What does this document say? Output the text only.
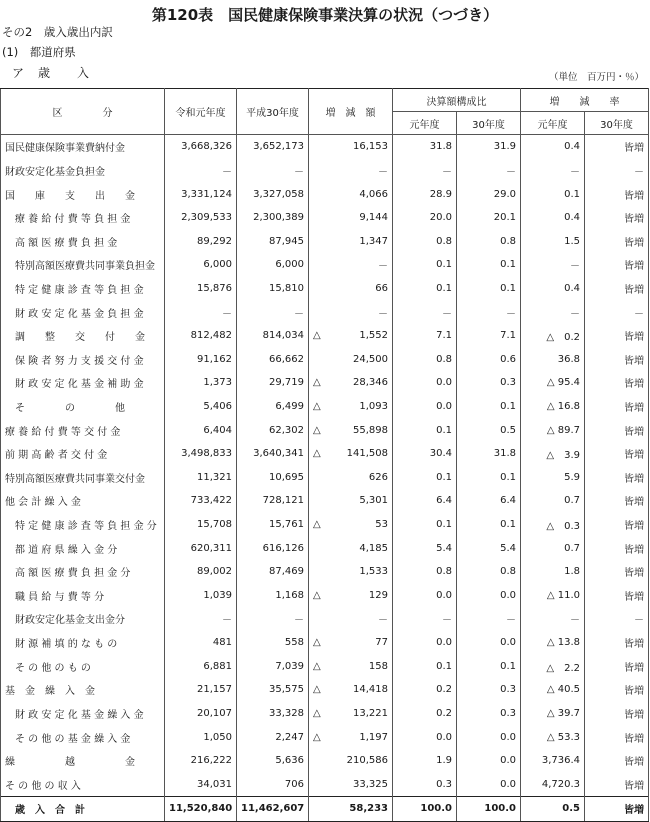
第120表　国民健康保険事業決算の状況（つづき）
その2　歳入歳出内訳
(1)　都道府県
ア　歳　　入	（単位　百万円・％）
区　　　　分	令和元年度	平成30年度	増　減　額	決算額構成比		増　　減　　率	
				元年度	30年度	元年度	30年度
国民健康保険事業費納付金	3,668,326	3,652,173	16,153	31.8	31.9	0.4	皆増
財政安定化基金負担金	－	－	－	－	－	－	－
国　　庫　　支　　出　　金	3,331,124	3,327,058	4,066	28.9	29.0	0.1	皆増
療 養 給 付 費 等 負 担 金	2,309,533	2,300,389	9,144	20.0	20.1	0.4	皆増
高 額 医 療 費 負 担 金	89,292	87,945	1,347	0.8	0.8	1.5	皆増
特別高額医療費共同事業負担金	6,000	6,000	－	0.1	0.1	－	皆増
特 定 健 康 診 査 等 負 担 金	15,876	15,810	66	0.1	0.1	0.4	皆増
財 政 安 定 化 基 金 負 担 金	－	－	－	－	－	－	－
調　　整　　交　　付　　金	812,482	814,034	△ 1,552	7.1	7.1	△　0.2	皆増
保 険 者 努 力 支 援 交 付 金	91,162	66,662	24,500	0.8	0.6	36.8	皆増
財 政 安 定 化 基 金 補 助 金	1,373	29,719	△ 28,346	0.0	0.3	△ 95.4	皆増
そ　　　　の　　　　他	5,406	6,499	△ 1,093	0.0	0.1	△ 16.8	皆増
療 養 給 付 費 等 交 付 金	6,404	62,302	△ 55,898	0.1	0.5	△ 89.7	皆増
前 期 高 齢 者 交 付 金	3,498,833	3,640,341	△ 141,508	30.4	31.8	△　3.9	皆増
特別高額医療費共同事業交付金	11,321	10,695	626	0.1	0.1	5.9	皆増
他 会 計 繰 入 金	733,422	728,121	5,301	6.4	6.4	0.7	皆増
特 定 健 康 診 査 等 負 担 金 分	15,708	15,761	△ 53	0.1	0.1	△　0.3	皆増
都 道 府 県 繰 入 金 分	620,311	616,126	4,185	5.4	5.4	0.7	皆増
高 額 医 療 費 負 担 金 分	89,002	87,469	1,533	0.8	0.8	1.8	皆増
職 員 給 与 費 等 分	1,039	1,168	△ 129	0.0	0.0	△ 11.0	皆増
財政安定化基金支出金分	－	－	－	－	－	－	－
財 源 補 填 的 な も の	481	558	△ 77	0.0	0.0	△ 13.8	皆増
そ の 他 の も の	6,881	7,039	△ 158	0.1	0.1	△　2.2	皆増
基　金　繰　入　金	21,157	35,575	△ 14,418	0.2	0.3	△ 40.5	皆増
財 政 安 定 化 基 金 繰 入 金	20,107	33,328	△ 13,221	0.2	0.3	△ 39.7	皆増
そ の 他 の 基 金 繰 入 金	1,050	2,247	△ 1,197	0.0	0.0	△ 53.3	皆増
繰　　　　　越　　　　　金	216,222	5,636	210,586	1.9	0.0	3,736.4	皆増
そ の 他 の 収 入	34,031	706	33,325	0.3	0.0	4,720.3	皆増
歳　入　合　計	11,520,840	11,462,607	58,233	100.0	100.0	0.5	皆増
